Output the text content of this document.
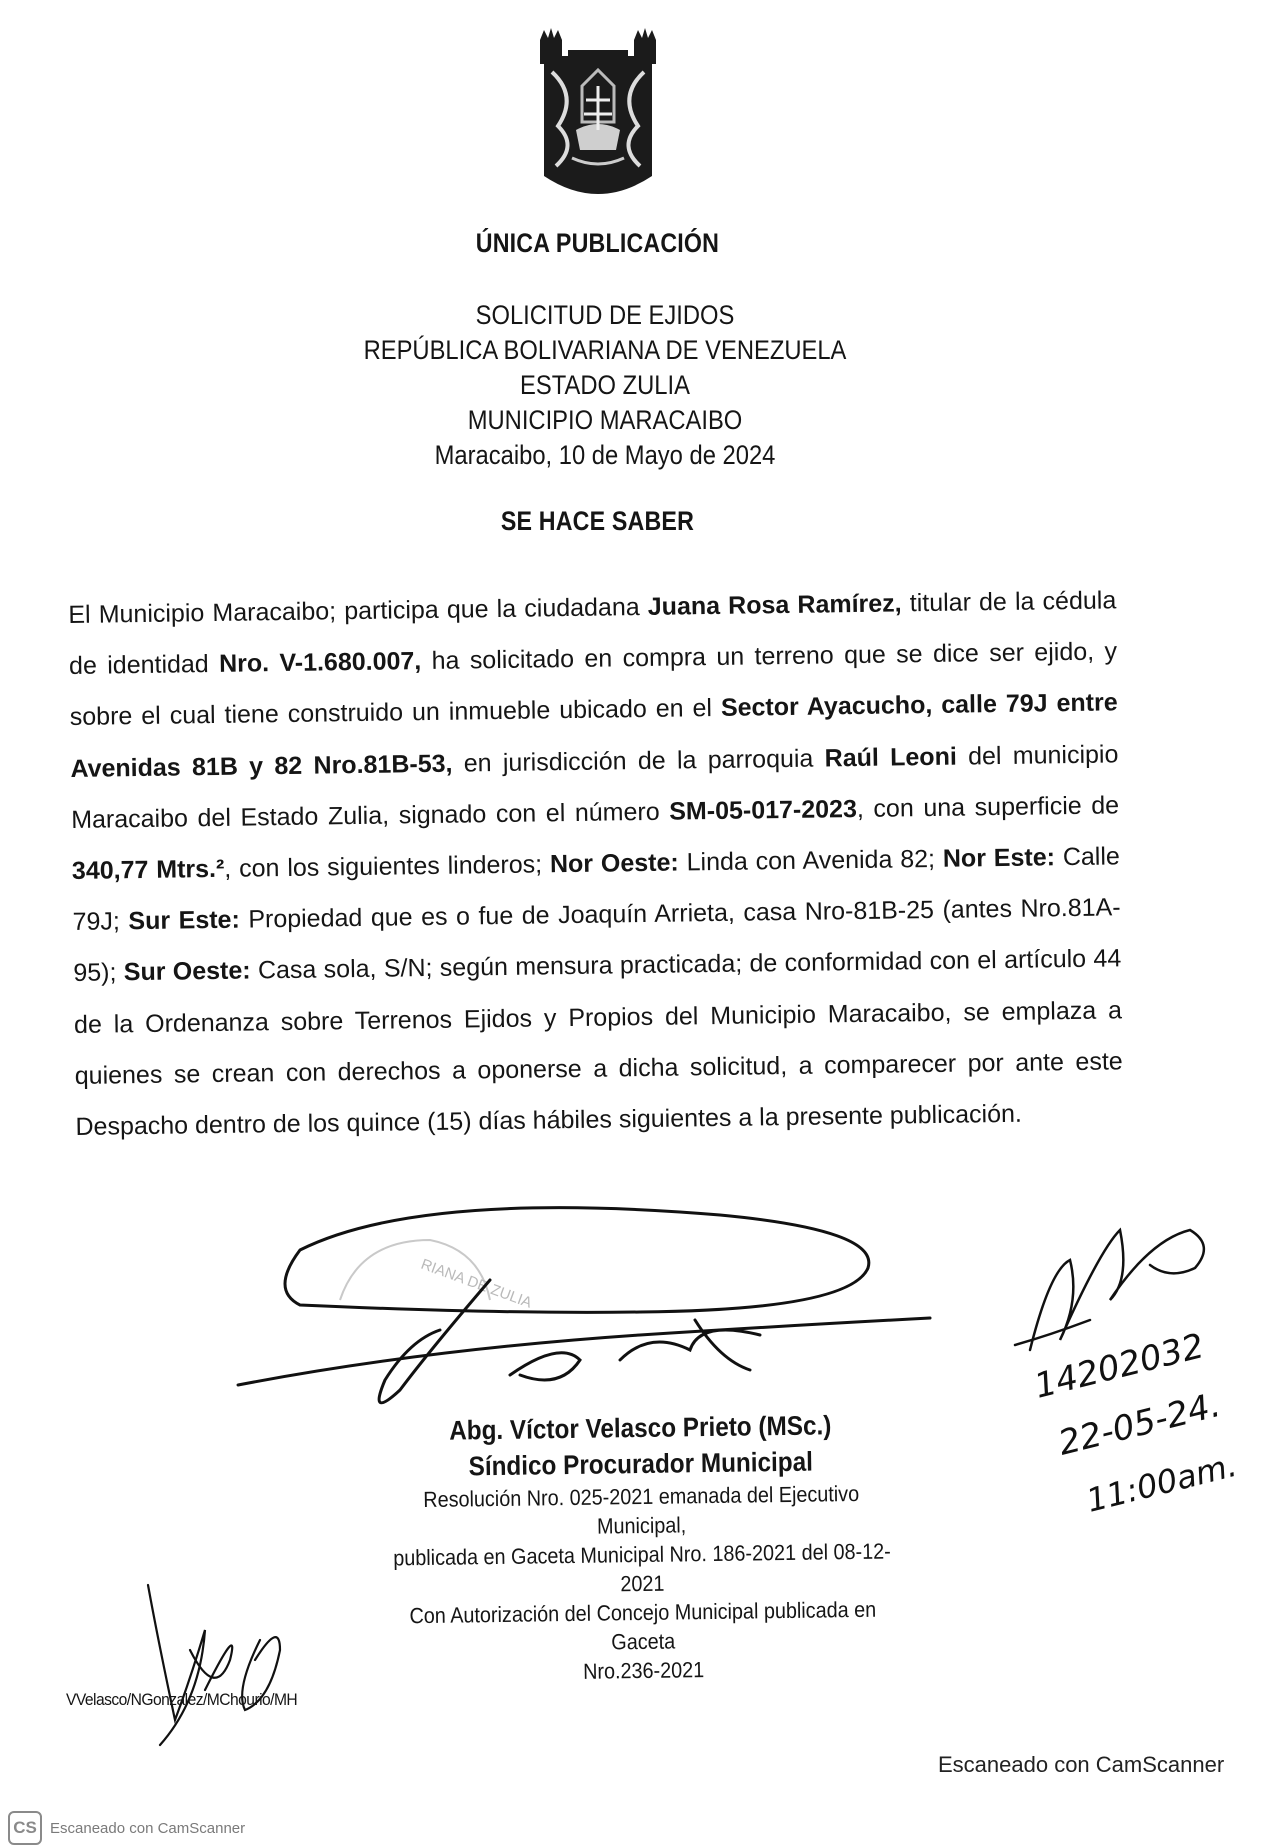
ÚNICA PUBLICACIÓN
SOLICITUD DE EJIDOS
REPÚBLICA BOLIVARIANA DE VENEZUELA
ESTADO ZULIA
MUNICIPIO MARACAIBO
Maracaibo, 10 de Mayo de 2024
SE HACE SABER

El Municipio Maracaibo; participa que la ciudadana Juana Rosa Ramírez, titular de la cédula de identidad Nro. V-1.680.007, ha solicitado en compra un terreno que se dice ser ejido, y sobre el cual tiene construido un inmueble ubicado en el Sector Ayacucho, calle 79J entre Avenidas 81B y 82 Nro.81B-53, en jurisdicción de la parroquia Raúl Leoni del municipio Maracaibo del Estado Zulia, signado con el número SM-05-017-2023, con una superficie de 340,77 Mtrs.², con los siguientes linderos; Nor Oeste: Linda con Avenida 82; Nor Este: Calle 79J; Sur Este: Propiedad que es o fue de Joaquín Arrieta, casa Nro-81B-25 (antes Nro.81A-95); Sur Oeste: Casa sola, S/N; según mensura practicada; de conformidad con el artículo 44 de la Ordenanza sobre Terrenos Ejidos y Propios del Municipio Maracaibo, se emplaza a quienes se crean con derechos a oponerse a dicha solicitud, a comparecer por ante este Despacho dentro de los quince (15) días hábiles siguientes a la presente publicación.

RIANA DE ZULIA
14202032
22-05-24.
11:00am.
Abg. Víctor Velasco Prieto (MSc.)
Síndico Procurador Municipal
Resolución Nro. 025-2021 emanada del Ejecutivo Municipal,
publicada en Gaceta Municipal Nro. 186-2021 del 08-12-2021
Con Autorización del Concejo Municipal publicada en Gaceta
Nro.236-2021
VVelasco/NGonzalez/MChourio/MH
Escaneado con CamScanner
CS Escaneado con CamScanner
